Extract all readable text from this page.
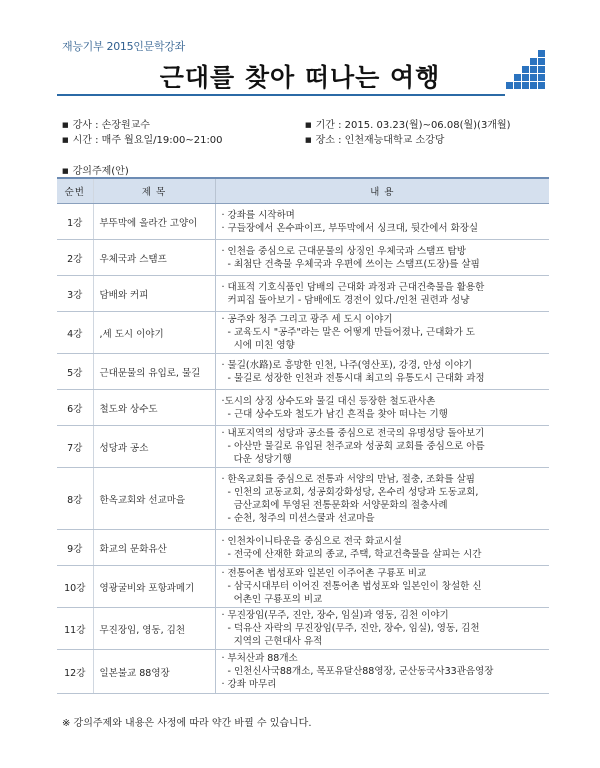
재능기부 2015인문학강좌
근대를 찾아 떠나는 여행
■ 강사 : 손장원교수
■ 시간 : 매주 월요일/19:00~21:00
■ 기간 : 2015. 03.23(월)~06.08(월)(3개월)
■ 장소 : 인천재능대학교 소강당
■ 강의주제(안)
순번	제 목	내 용
1강	부뚜막에 올라간 고양이	· 강좌를 시작하며
· 구들장에서 온수파이프, 부뚜막에서 싱크대, 뒷간에서 화장실

2강	우체국과 스탬프	· 인천을 중심으로 근대문물의 상징인 우체국과 스탬프 탐방
- 최첨단 건축물 우체국과 우편에 쓰이는 스탬프(도장)를 살핌

3강	담배와 커피	· 대표적 기호식품인 담배의 근대화 과정과 근대건축물을 활용한
커피집 돌아보기 - 담배에도 경전이 있다./인천 권련과 성냥

4강	,세 도시 이야기	· 공주와 청주 그리고 광주 세 도시 이야기
- 교육도시 "공주"라는 말은 어떻게 만들어졌나, 근대화가 도
시에 미친 영향

5강	근대문물의 유입로, 물길	· 물길(水路)로 흥망한 인천, 나주(영산포), 강경, 안성 이야기
- 물길로 성장한 인천과 전통시대 최고의 유통도시 근대화 과정

6강	철도와 상수도	·도시의 상징 상수도와 물길 대신 등장한 철도관사촌
- 근대 상수도와 철도가 남긴 흔적을 찾아 떠나는 기행

7강	성당과 공소	· 내포지역의 성당과 공소를 중심으로 전국의 유명성당 돌아보기
- 아산만 물길로 유입된 천주교와 성공회 교회를 중심으로 아름
다운 성당기행

8강	한옥교회와 선교마을	· 한옥교회를 중심으로 전통과 서양의 만남, 절충, 조화를 살핌
- 인천의 교동교회, 성공회강화성당, 온수리 성당과 도동교회,
금산교회에 투영된 전통문화와 서양문화의 절충사례
- 순천, 청주의 미션스쿨과 선교마을

9강	화교의 문화유산	· 인천차이니타운을 중심으로 전국 화교시설
- 전국에 산재한 화교의 종교, 주택, 학교건축물을 살피는 시간

10강	영광굴비와 포항과메기	· 전통어촌 법성포와 일본인 이주어촌 구룡포 비교
- 삼국시대부터 이어진 전통어촌 법성포와 일본인이 창설한 신
어촌인 구룡포의 비교

11강	무진장임, 영동, 김천	· 무진장임(무주, 진안, 장수, 임실)과 영동, 김천 이야기
- 덕유산 자락의 무진장임(무주, 진안, 장수, 임실), 영동, 김천
지역의 근현대사 유적

12강	일본불교 88영장	· 부처산과 88개소
- 인천신사국88개소, 목포유달산88영장, 군산동국사33관음영장
· 강좌 마무리
※ 강의주제와 내용은 사정에 따라 약간 바뀔 수 있습니다.
